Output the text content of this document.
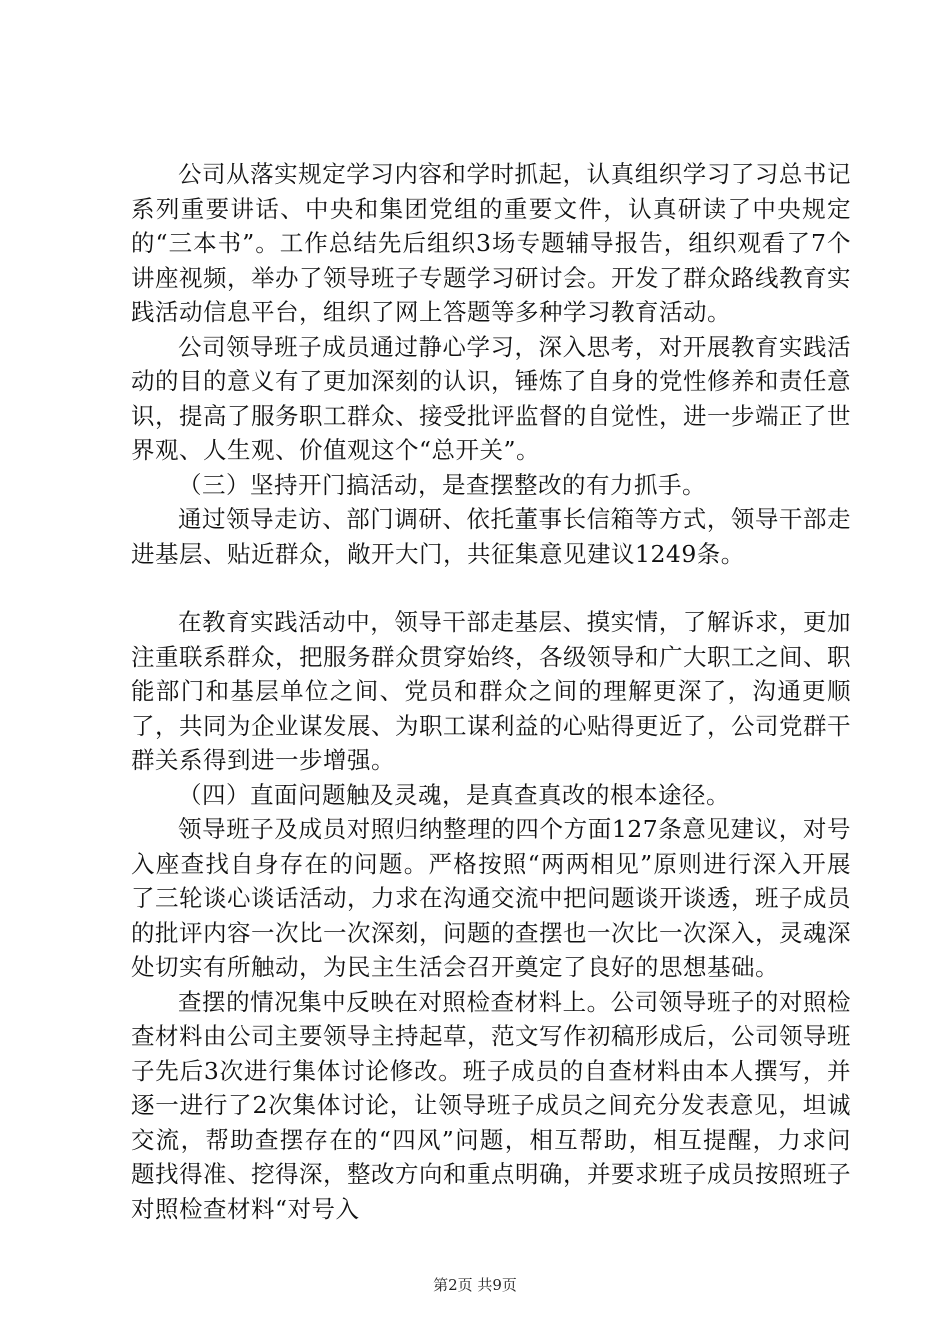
公司从落实规定学习内容和学时抓起，认真组织学习了习总书记系列重要讲话、中央和集团党组的重要文件，认真研读了中央规定的“三本书”。工作总结先后组织3场专题辅导报告，组织观看了7个讲座视频，举办了领导班子专题学习研讨会。开发了群众路线教育实践活动信息平台，组织了网上答题等多种学习教育活动。

公司领导班子成员通过静心学习，深入思考，对开展教育实践活动的目的意义有了更加深刻的认识，锤炼了自身的党性修养和责任意识，提高了服务职工群众、接受批评监督的自觉性，进一步端正了世界观、人生观、价值观这个“总开关”。

（三）坚持开门搞活动，是查摆整改的有力抓手。

通过领导走访、部门调研、依托董事长信箱等方式，领导干部走进基层、贴近群众，敞开大门，共征集意见建议1249条。

在教育实践活动中，领导干部走基层、摸实情，了解诉求，更加注重联系群众，把服务群众贯穿始终，各级领导和广大职工之间、职能部门和基层单位之间、党员和群众之间的理解更深了，沟通更顺了，共同为企业谋发展、为职工谋利益的心贴得更近了，公司党群干群关系得到进一步增强。

（四）直面问题触及灵魂，是真查真改的根本途径。

领导班子及成员对照归纳整理的四个方面127条意见建议，对号入座查找自身存在的问题。严格按照“两两相见”原则进行深入开展了三轮谈心谈话活动，力求在沟通交流中把问题谈开谈透，班子成员的批评内容一次比一次深刻，问题的查摆也一次比一次深入，灵魂深处切实有所触动，为民主生活会召开奠定了良好的思想基础。

查摆的情况集中反映在对照检查材料上。公司领导班子的对照检查材料由公司主要领导主持起草，范文写作初稿形成后，公司领导班子先后3次进行集体讨论修改。班子成员的自查材料由本人撰写，并逐一进行了2次集体讨论，让领导班子成员之间充分发表意见，坦诚交流，帮助查摆存在的“四风”问题，相互帮助，相互提醒，力求问题找得准、挖得深，整改方向和重点明确，并要求班子成员按照班子对照检查材料“对号入

第2页 共9页
